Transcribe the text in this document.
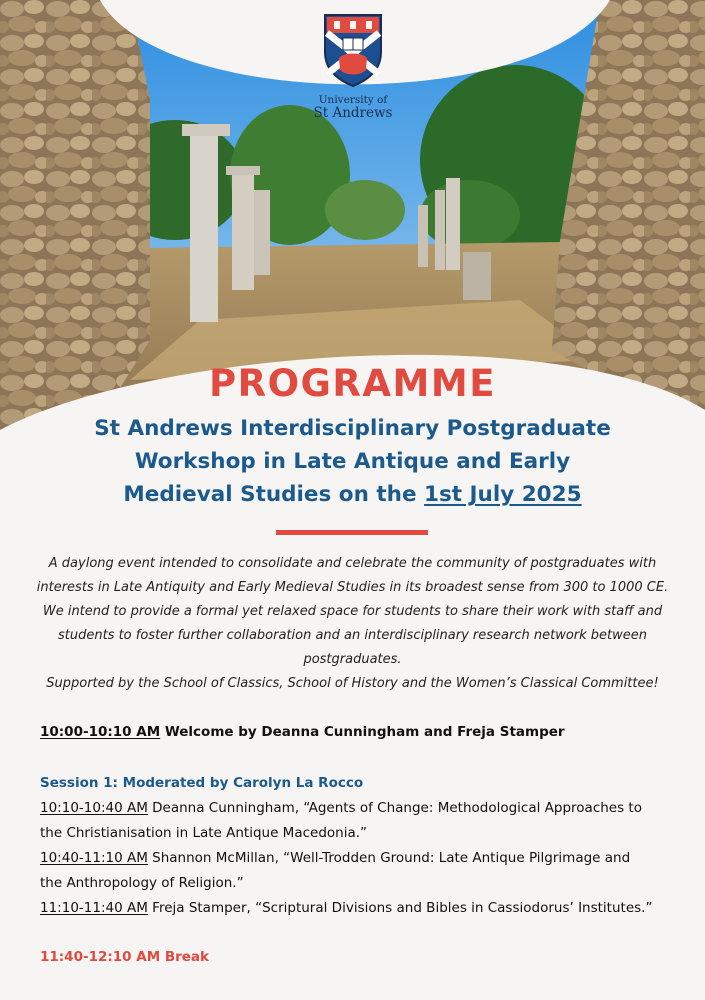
University of
St Andrews
PROGRAMME
St Andrews Interdisciplinary Postgraduate
Workshop in Late Antique and Early
Medieval Studies on the 1st July 2025

A daylong event intended to consolidate and celebrate the community of postgraduates with interests in Late Antiquity and Early Medieval Studies in its broadest sense from 300 to 1000 CE. We intend to provide a formal yet relaxed space for students to share their work with staff and students to foster further collaboration and an interdisciplinary research network between postgraduates.

Supported by the School of Classics, School of History and the Women’s Classical Committee!

10:00-10:10 AM Welcome by Deanna Cunningham and Freja Stamper
Session 1: Moderated by Carolyn La Rocco
10:10-10:40 AM Deanna Cunningham, “Agents of Change: Methodological Approaches to
the Christianisation in Late Antique Macedonia.”
10:40-11:10 AM Shannon McMillan, “Well-Trodden Ground: Late Antique Pilgrimage and
the Anthropology of Religion.”
11:10-11:40 AM Freja Stamper, “Scriptural Divisions and Bibles in Cassiodorus’ Institutes.”
11:40-12:10 AM Break
